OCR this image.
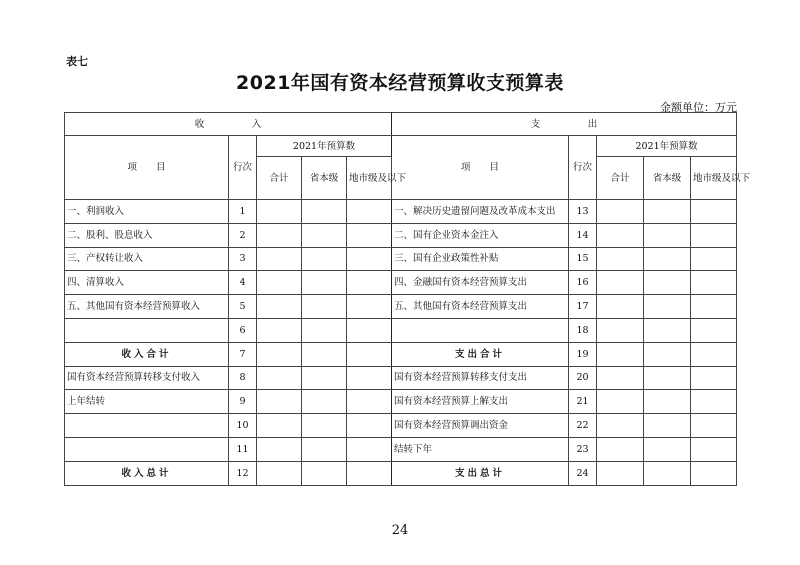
表七
2021年国有资本经营预算收支预算表
金额单位：万元
收　　　　　入					支　　　　　出				
项　　目	行次	2021年预算数			项　　目	行次	2021年预算数		
		合计	省本级	地市级及以下			合计	省本级	地市级及以下
一、利润收入	1				一、解决历史遗留问题及改革成本支出	13			
二、股利、股息收入	2				二、国有企业资本金注入	14			
三、产权转让收入	3				三、国有企业政策性补贴	15			
四、清算收入	4				四、金融国有资本经营预算支出	16			
五、其他国有资本经营预算收入	5				五、其他国有资本经营预算支出	17			
	6					18			
收入合计	7				支出合计	19			
国有资本经营预算转移支付收入	8				国有资本经营预算转移支付支出	20			
上年结转	9				国有资本经营预算上解支出	21			
	10				国有资本经营预算调出资金	22			
	11				结转下年	23			
收入总计	12				支出总计	24			
24
